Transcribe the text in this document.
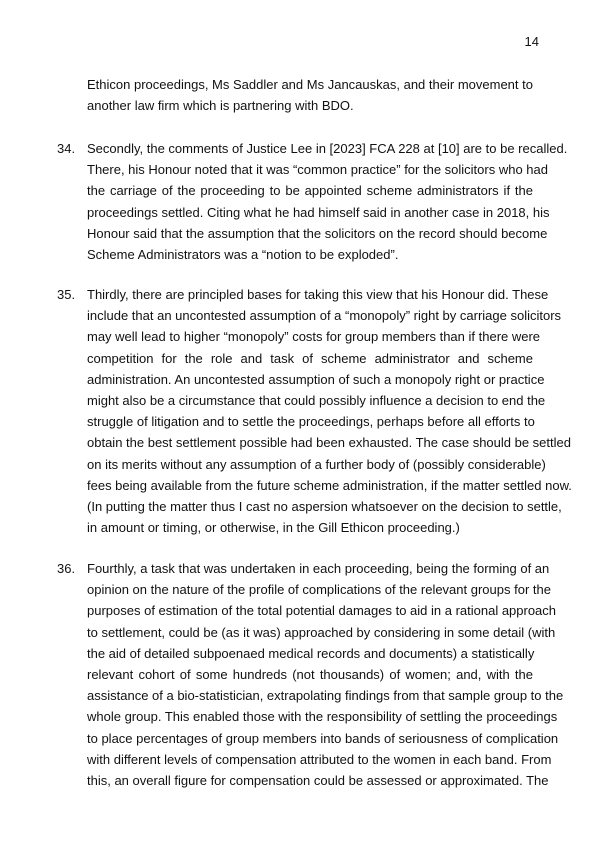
14
Ethicon proceedings, Ms Saddler and Ms Jancauskas, and their movement to
another law firm which is partnering with BDO.
34. Secondly, the comments of Justice Lee in [2023] FCA 228 at [10] are to be recalled.
There, his Honour noted that it was “common practice” for the solicitors who had
the carriage of the proceeding to be appointed scheme administrators if the
proceedings settled. Citing what he had himself said in another case in 2018, his
Honour said that the assumption that the solicitors on the record should become
Scheme Administrators was a “notion to be exploded”.
35. Thirdly, there are principled bases for taking this view that his Honour did. These
include that an uncontested assumption of a “monopoly” right by carriage solicitors
may well lead to higher “monopoly” costs for group members than if there were
competition for the role and task of scheme administrator and scheme
administration. An uncontested assumption of such a monopoly right or practice
might also be a circumstance that could possibly influence a decision to end the
struggle of litigation and to settle the proceedings, perhaps before all efforts to
obtain the best settlement possible had been exhausted. The case should be settled
on its merits without any assumption of a further body of (possibly considerable)
fees being available from the future scheme administration, if the matter settled now.
(In putting the matter thus I cast no aspersion whatsoever on the decision to settle,
in amount or timing, or otherwise, in the Gill Ethicon proceeding.)
36. Fourthly, a task that was undertaken in each proceeding, being the forming of an
opinion on the nature of the profile of complications of the relevant groups for the
purposes of estimation of the total potential damages to aid in a rational approach
to settlement, could be (as it was) approached by considering in some detail (with
the aid of detailed subpoenaed medical records and documents) a statistically
relevant cohort of some hundreds (not thousands) of women; and, with the
assistance of a bio-statistician, extrapolating findings from that sample group to the
whole group. This enabled those with the responsibility of settling the proceedings
to place percentages of group members into bands of seriousness of complication
with different levels of compensation attributed to the women in each band. From
this, an overall figure for compensation could be assessed or approximated. The
